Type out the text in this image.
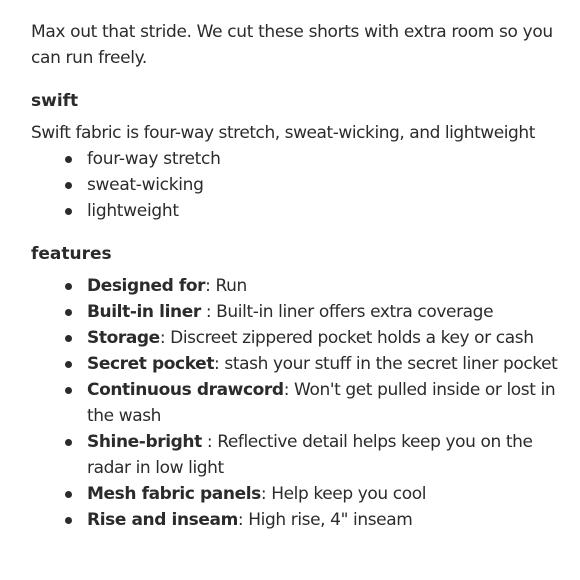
Max out that stride. We cut these shorts with extra room so you can run freely.

swift

Swift fabric is four-way stretch, sweat-wicking, and lightweight

four-way stretch
sweat-wicking
lightweight
features
Designed for: Run
Built-in liner : Built-in liner offers extra coverage
Storage: Discreet zippered pocket holds a key or cash
Secret pocket: stash your stuff in the secret liner pocket
Continuous drawcord: Won't get pulled inside or lost in the wash
Shine-bright : Reflective detail helps keep you on the radar in low light
Mesh fabric panels: Help keep you cool
Rise and inseam: High rise, 4" inseam
